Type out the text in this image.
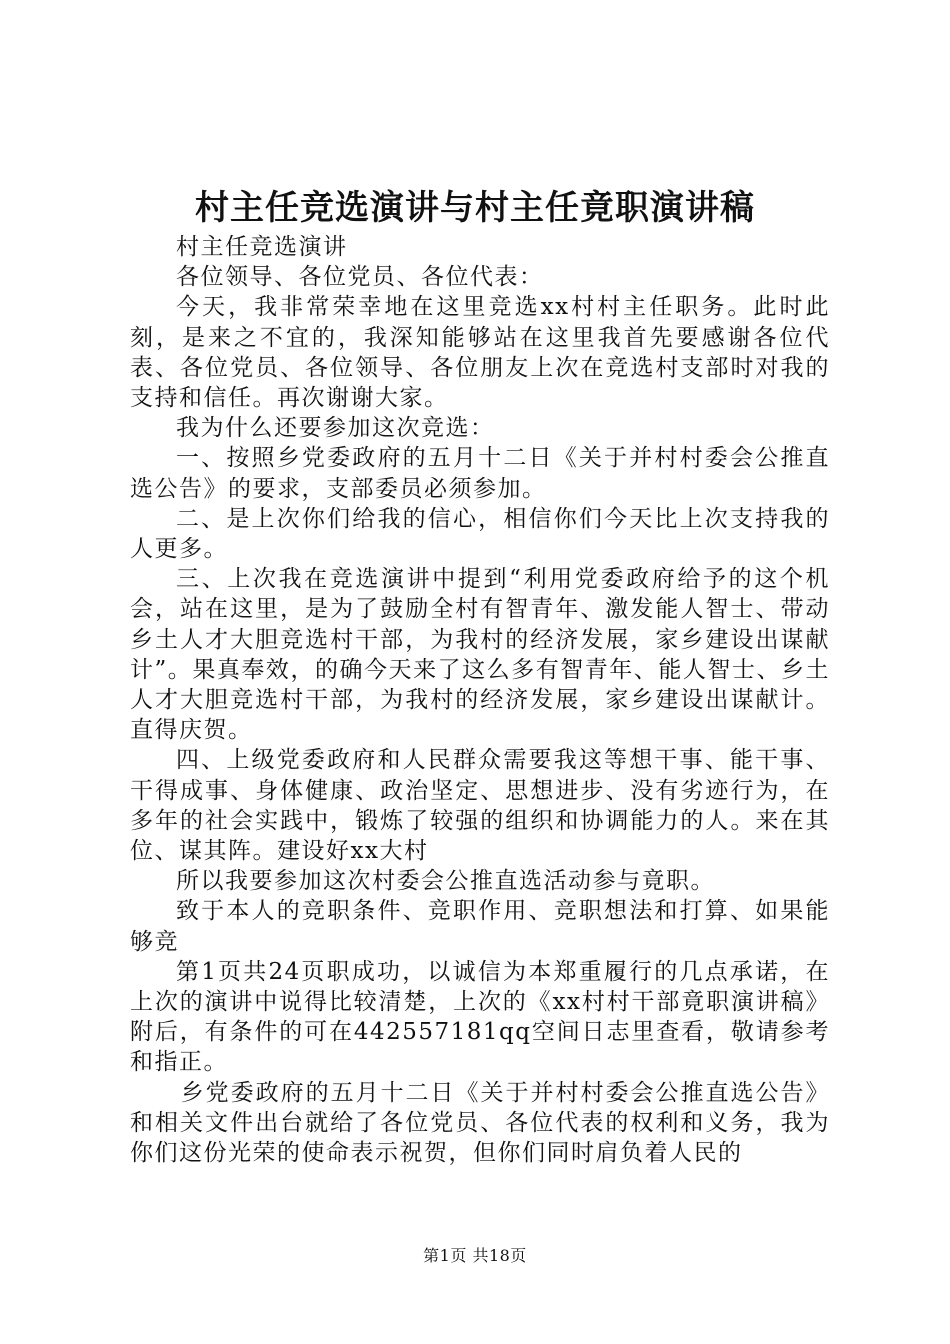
村主任竞选演讲与村主任竟职演讲稿

村主任竞选演讲

各位领导、各位党员、各位代表：

今天，我非常荣幸地在这里竞选xx村村主任职务。此时此刻，是来之不宜的，我深知能够站在这里我首先要感谢各位代表、各位党员、各位领导、各位朋友上次在竞选村支部时对我的支持和信任。再次谢谢大家。

我为什么还要参加这次竞选：

一、按照乡党委政府的五月十二日《关于并村村委会公推直选公告》的要求，支部委员必须参加。

二、是上次你们给我的信心，相信你们今天比上次支持我的人更多。

三、上次我在竞选演讲中提到“利用党委政府给予的这个机会，站在这里，是为了鼓励全村有智青年、激发能人智士、带动乡土人才大胆竞选村干部，为我村的经济发展，家乡建设出谋献计”。果真奉效，的确今天来了这么多有智青年、能人智士、乡土人才大胆竞选村干部，为我村的经济发展，家乡建设出谋献计。直得庆贺。

四、上级党委政府和人民群众需要我这等想干事、能干事、干得成事、身体健康、政治坚定、思想进步、没有劣迹行为，在多年的社会实践中，锻炼了较强的组织和协调能力的人。来在其位、谋其阵。建设好xx大村

所以我要参加这次村委会公推直选活动参与竟职。

致于本人的竞职条件、竞职作用、竞职想法和打算、如果能够竞

第1页共24页职成功，以诚信为本郑重履行的几点承诺，在上次的演讲中说得比较清楚，上次的《xx村村干部竟职演讲稿》附后，有条件的可在442557181qq空间日志里查看，敬请参考和指正。

乡党委政府的五月十二日《关于并村村委会公推直选公告》和相关文件出台就给了各位党员、各位代表的权利和义务，我为你们这份光荣的使命表示祝贺，但你们同时肩负着人民的

第1页 共18页
